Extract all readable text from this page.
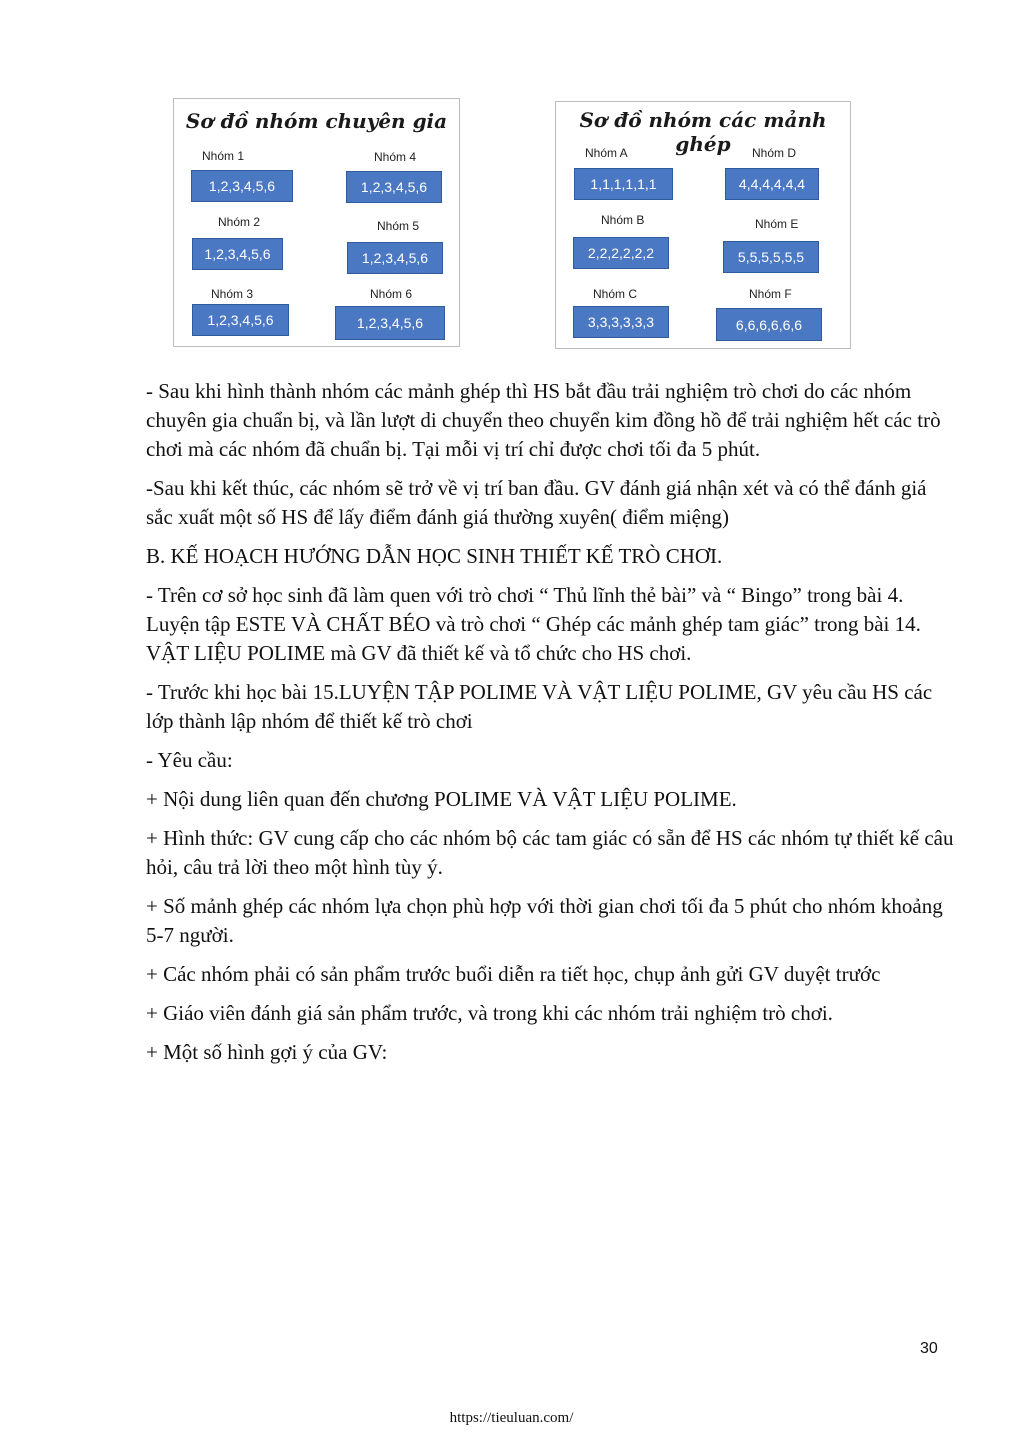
Sơ đồ nhóm chuyên gia
Nhóm 1
1,2,3,4,5,6
Nhóm 4
1,2,3,4,5,6
Nhóm 2
1,2,3,4,5,6
Nhóm 5
1,2,3,4,5,6
Nhóm 3
1,2,3,4,5,6
Nhóm 6
1,2,3,4,5,6
Sơ đồ nhóm các mảnh ghép
Nhóm A
1,1,1,1,1,1
Nhóm D
4,4,4,4,4,4
Nhóm B
2,2,2,2,2,2
Nhóm E
5,5,5,5,5,5
Nhóm C
3,3,3,3,3,3
Nhóm F
6,6,6,6,6,6

- Sau khi hình thành nhóm các mảnh ghép thì HS bắt đầu trải nghiệm trò chơi do các nhóm chuyên gia chuẩn bị, và lần lượt di chuyển theo chuyển kim đồng hồ để trải nghiệm hết các trò chơi mà các nhóm đã chuẩn bị. Tại mỗi vị trí chỉ được chơi tối đa 5 phút.

-Sau khi kết thúc, các nhóm sẽ trở về vị trí ban đầu. GV đánh giá nhận xét và có thể đánh giá sắc xuất một số HS để lấy điểm đánh giá thường xuyên( điểm miệng)

B. KẾ HOẠCH HƯỚNG DẪN HỌC SINH THIẾT KẾ TRÒ CHƠI.

- Trên cơ sở học sinh đã làm quen với trò chơi “ Thủ lĩnh thẻ bài” và “ Bingo” trong bài 4. Luyện tập ESTE VÀ CHẤT BÉO và trò chơi “ Ghép các mảnh ghép tam giác” trong bài 14. VẬT LIỆU POLIME mà GV đã thiết kế và tổ chức cho HS chơi.

- Trước khi học bài 15.LUYỆN TẬP POLIME VÀ VẬT LIỆU POLIME, GV yêu cầu HS các lớp thành lập nhóm để thiết kế trò chơi

- Yêu cầu:

+ Nội dung liên quan đến chương POLIME VÀ VẬT LIỆU POLIME.

+ Hình thức: GV cung cấp cho các nhóm bộ các tam giác có sẵn để HS các nhóm tự thiết kế câu hỏi, câu trả lời theo một hình tùy ý.

+ Số mảnh ghép các nhóm lựa chọn phù hợp với thời gian chơi tối đa 5 phút cho nhóm khoảng 5-7 người.

+ Các nhóm phải có sản phẩm trước buổi diễn ra tiết học, chụp ảnh gửi GV duyệt trước

+ Giáo viên đánh giá sản phẩm trước, và trong khi các nhóm trải nghiệm trò chơi.

+ Một số hình gợi ý của GV:

30
https://tieuluan.com/
